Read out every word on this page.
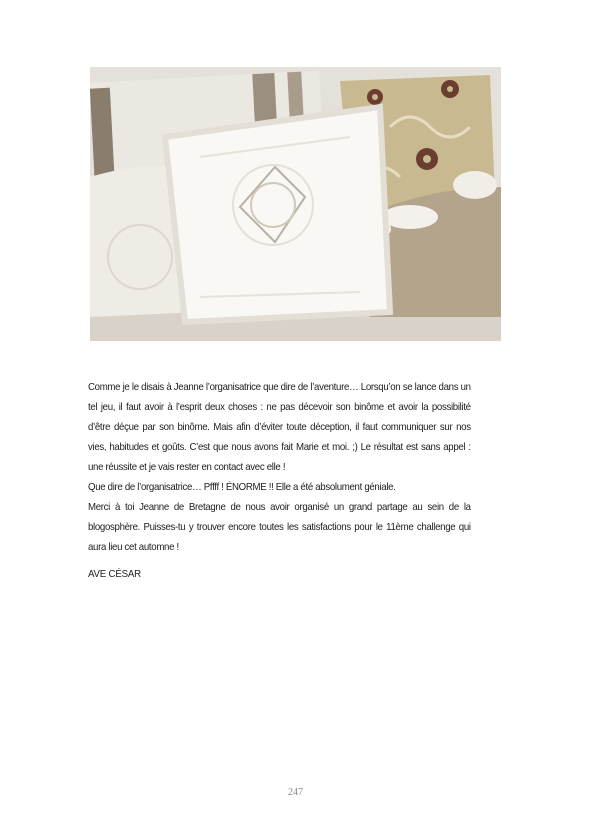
Comme je le disais à Jeanne l’organisatrice que dire de l’aventure… Lorsqu’on se lance dans un tel jeu, il faut avoir à l’esprit deux choses : ne pas décevoir son binôme et avoir la possibilité d’être déçue par son binôme. Mais afin d’éviter toute déception, il faut communiquer sur nos vies, habitudes et goûts. C’est que nous avons fait Marie et moi. ;) Le résultat est sans appel : une réussite et je vais rester en contact avec elle !

Que dire de l’organisatrice… Pffff ! ÉNORME !! Elle a été absolument géniale.

Merci à toi Jeanne de Bretagne de nous avoir organisé un grand partage au sein de la blogosphère. Puisses-tu y trouver encore toutes les satisfactions pour le 11ème challenge qui aura lieu cet automne !

AVE CÉSAR
247
